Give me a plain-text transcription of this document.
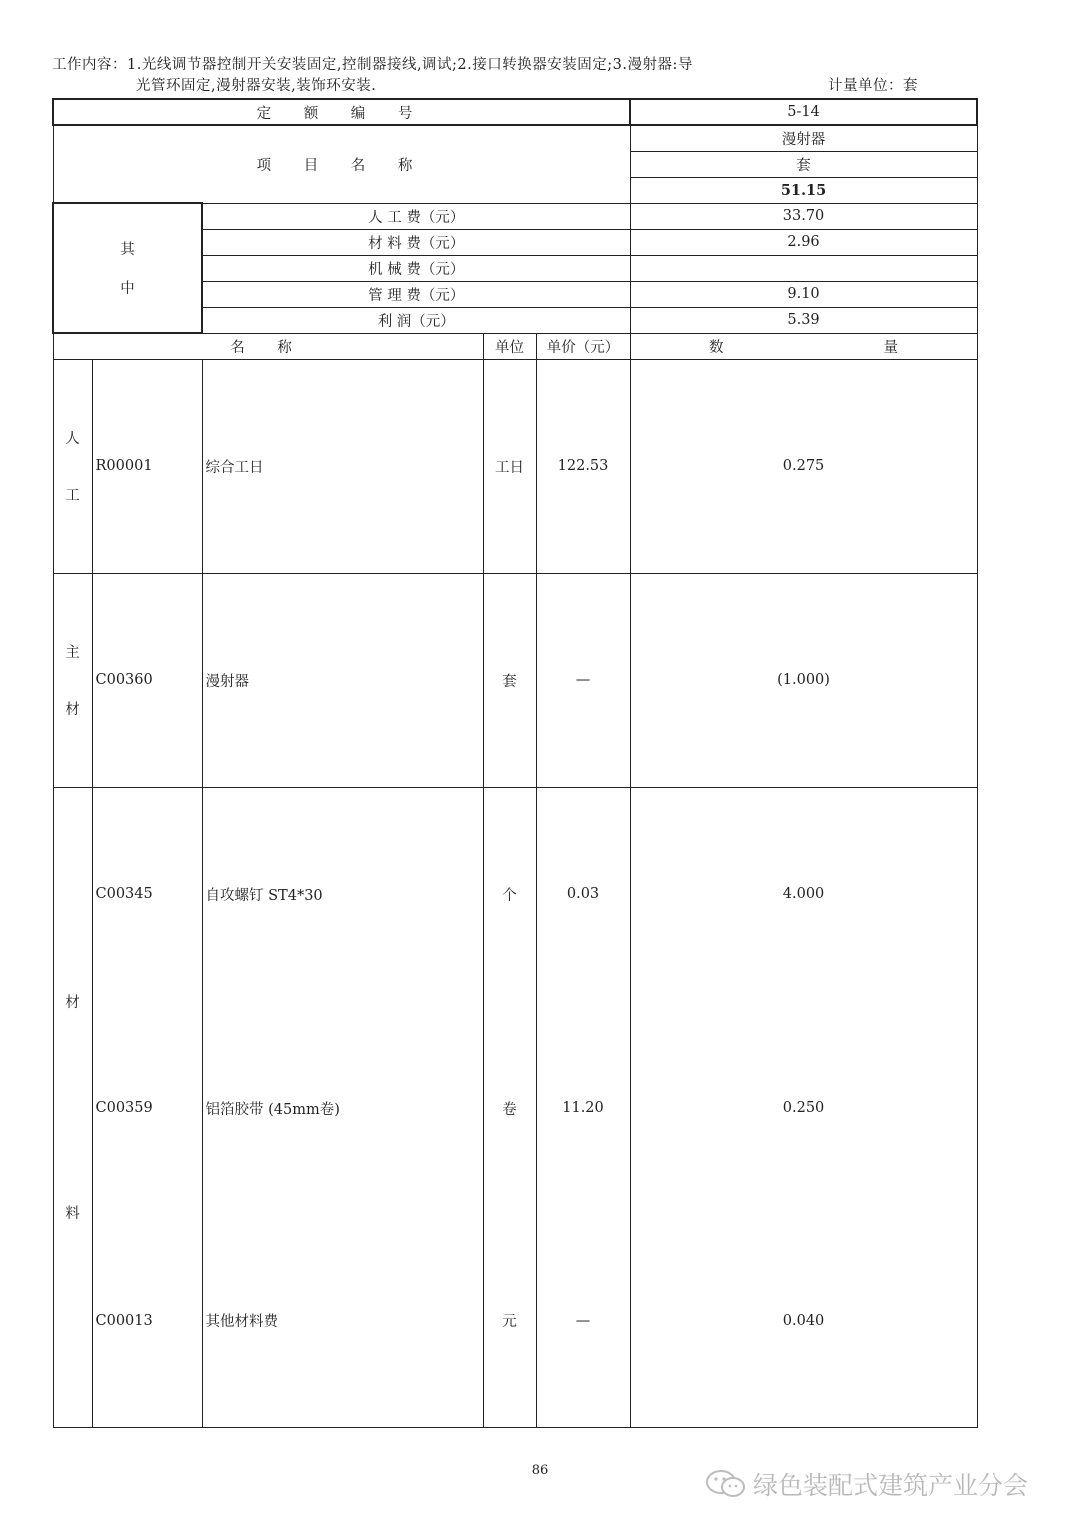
工作内容：1.光线调节器控制开关安装固定,控制器接线,调试;2.接口转换器安装固定;3.漫射器:导
光管环固定,漫射器安装,装饰环安装.	计量单位：套
定 额 编 号					5-14
项 目 名 称					漫射器
					套
					51.15

其
中		人 工 费（元）			33.70
		材 料 费（元）			2.96
		机 械 费（元）			
		管 理 费（元）			9.10
		利 润（元）			5.39
名 称			单位	单价（元）	数 量

人
工	R00001	综合工日	工日	122.53	0.275

主
材	C00360	漫射器	套	—	(1.000)

材
料	C00345	自攻螺钉 ST4*30	个	0.03	4.000
	C00359	铝箔胶带 (45mm卷)	卷	11.20	0.250
	C00013	其他材料费	元	—	0.040
86
绿色装配式建筑产业分会
